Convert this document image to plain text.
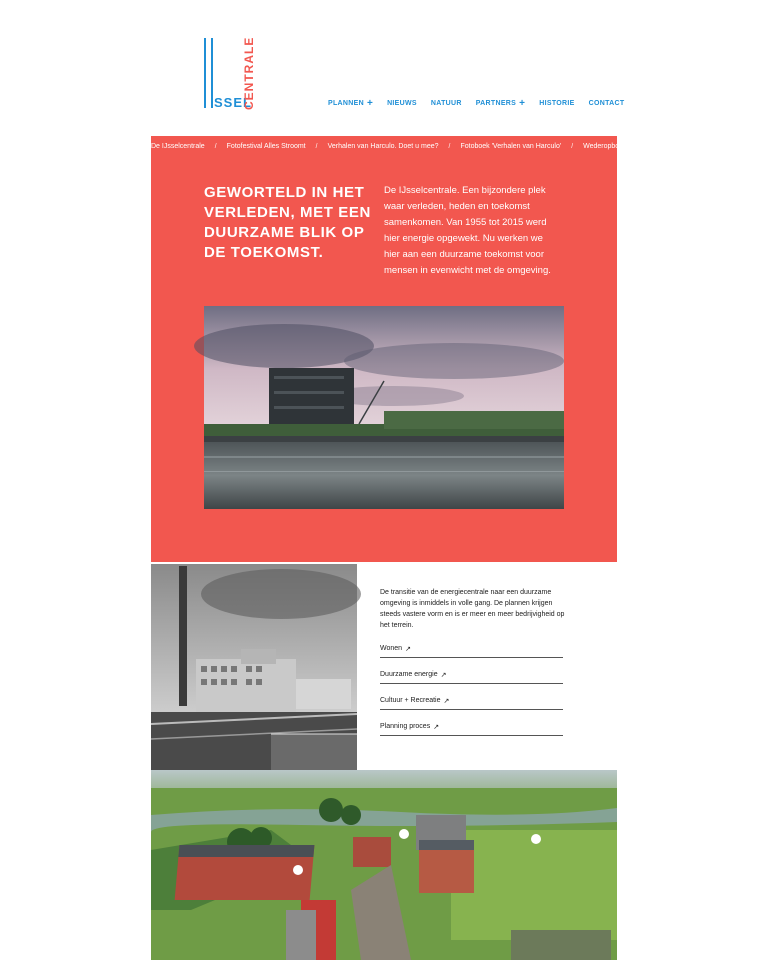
SSEL
CENTRALE	PLANNEN + NIEUWS NATUUR PARTNERS + HISTORIE CONTACT
De IJsselcentrale / Fotofestival Alles Stroomt / Verhalen van Harculo. Doet u mee? / Fotoboek 'Verhalen van Harculo' / Wederopbouwkunst
GEWORTELD IN HET VERLEDEN, MET EEN DUURZAME BLIK OP DE TOEKOMST.
De IJsselcentrale. Een bijzondere plek waar verleden, heden en toekomst samenkomen. Van 1955 tot 2015 werd hier energie opgewekt. Nu werken we hier aan een duurzame toekomst voor mensen in evenwicht met de omgeving.
De transitie van de energiecentrale naar een duurzame omgeving is inmiddels in volle gang. De plannen krijgen steeds vastere vorm en is er meer en meer bedrijvigheid op het terrein.
Wonen ↗
Duurzame energie ↗
Cultuur + Recreatie ↗
Planning proces ↗
